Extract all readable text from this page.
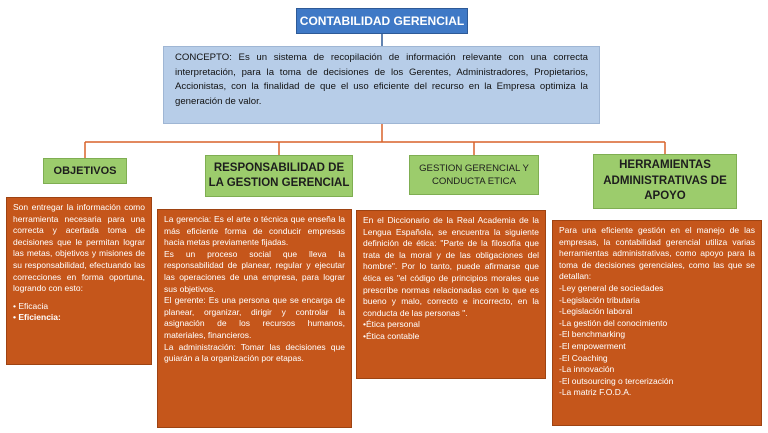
CONTABILIDAD GERENCIAL
CONCEPTO: Es un sistema de recopilación de información relevante con una correcta interpretación, para la toma de decisiones de los Gerentes, Administradores, Propietarios, Accionistas, con la finalidad de que el uso eficiente del recurso en la Empresa optimiza la generación de valor.
OBJETIVOS	RESPONSABILIDAD DE LA GESTION GERENCIAL
GESTION GERENCIAL Y CONDUCTA ETICA
HERRAMIENTAS ADMINISTRATIVAS DE APOYO

Son entregar la información como herramienta necesaria para una correcta y acertada toma de decisiones que le permitan lograr las metas, objetivos y misiones de su responsabilidad, efectuando las correcciones en forma oportuna, logrando con esto:

• Eficacia

• Eficiencia:

La gerencia: Es el arte o técnica que enseña la más eficiente forma de conducir empresas hacia metas previamente fijadas.

Es un proceso social que lleva la responsabilidad de planear, regular y ejecutar las operaciones de una empresa, para lograr sus objetivos.

El gerente: Es una persona que se encarga de planear, organizar, dirigir y controlar la asignación de los recursos humanos, materiales, financieros.

La administración: Tomar las decisiones que guiarán a la organización por etapas.

En el Diccionario de la Real Academia de la Lengua Española, se encuentra la siguiente definición de ética: "Parte de la filosofía que trata de la moral y de las obligaciones del hombre". Por lo tanto, puede afirmarse que ética es "el código de principios morales que prescribe normas relacionadas con lo que es bueno y malo, correcto e incorrecto, en la conducta de las personas ".

•Ética personal

•Ética contable

Para una eficiente gestión en el manejo de las empresas, la contabilidad gerencial utiliza varias herramientas administrativas, como apoyo para la toma de decisiones gerenciales, como las que se detallan:

-Ley general de sociedades

-Legislación tributaria

-Legislación laboral

-La gestión del conocimiento

-El benchmarking

-El empowerment

-El Coaching

-La innovación

-El outsourcing o tercerización

-La matriz F.O.D.A.
